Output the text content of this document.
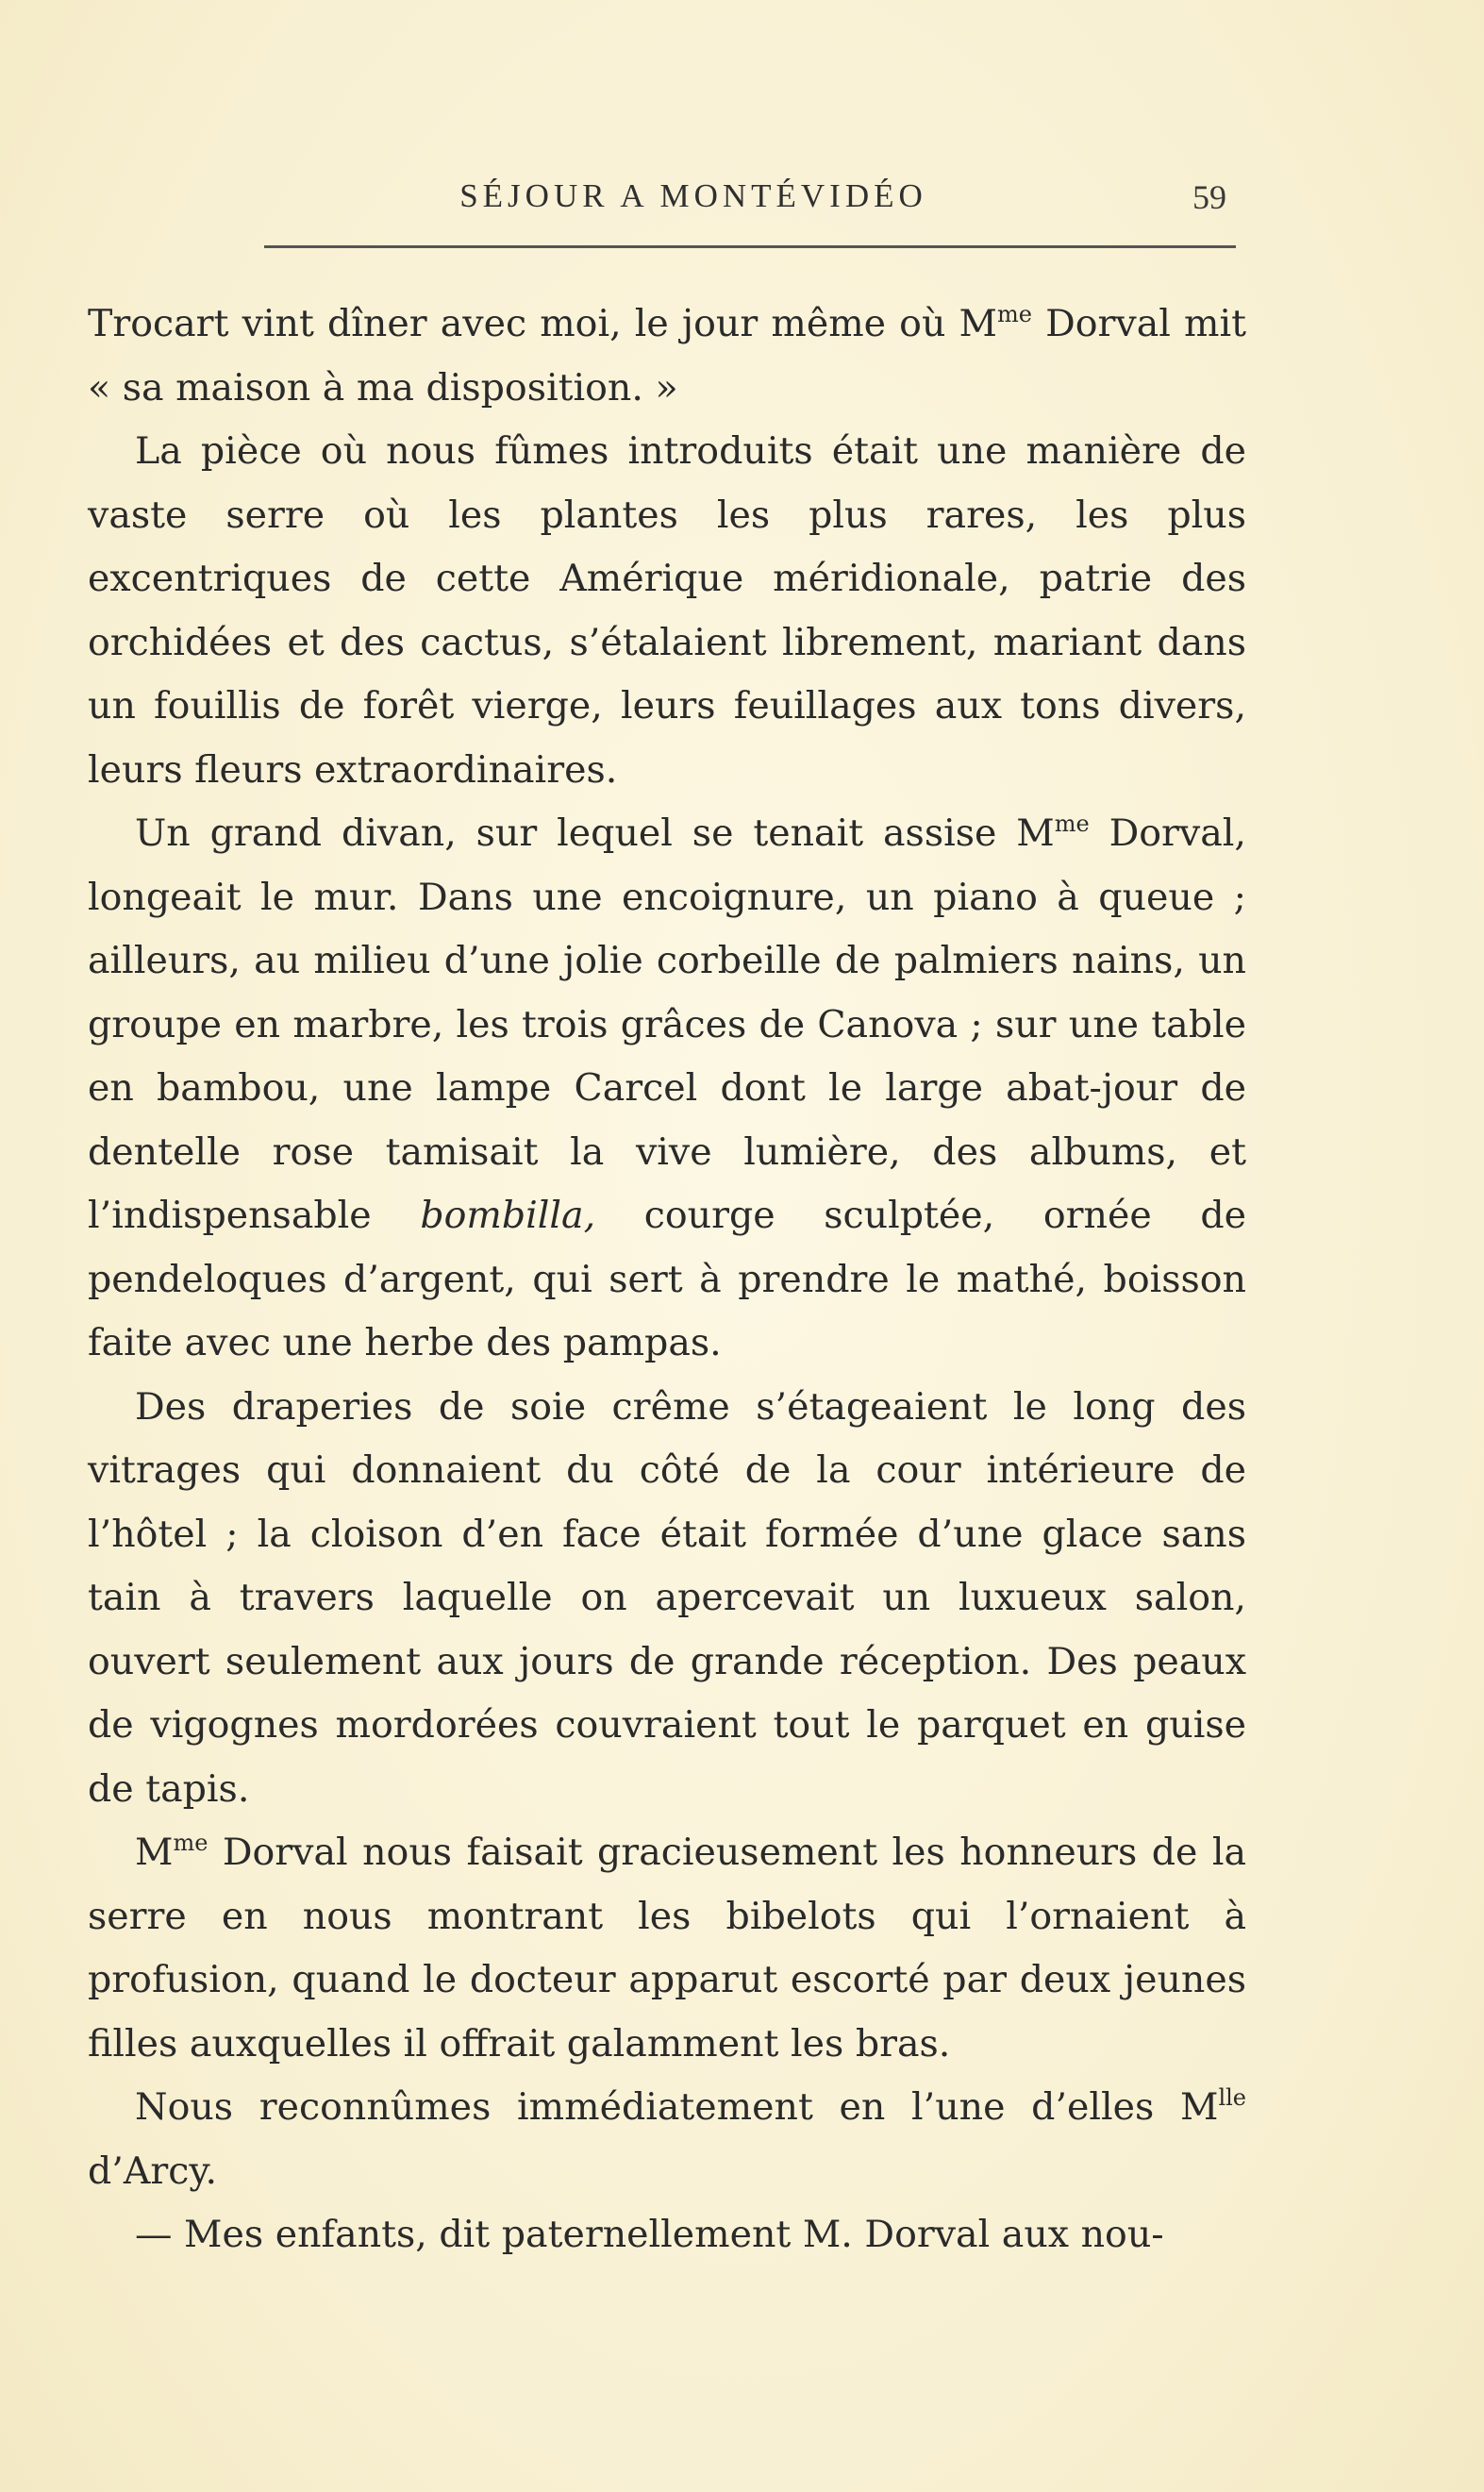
SÉJOUR A MONTÉVIDÉO	59

Trocart vint dîner avec moi, le jour même où $M^{me}$ Dorval mit « sa maison à ma disposition. »

La pièce où nous fûmes introduits était une manière de vaste serre où les plantes les plus rares, les plus excentriques de cette Amérique méridionale, patrie des orchidées et des cactus, s’étalaient librement, mariant dans un fouillis de forêt vierge, leurs feuillages aux tons divers, leurs fleurs extraordinaires.

Un grand divan, sur lequel se tenait assise $M^{me}$ Dorval, longeait le mur. Dans une encoignure, un piano à queue ; ailleurs, au milieu d’une jolie corbeille de palmiers nains, un groupe en marbre, les trois grâces de Canova ; sur une table en bambou, une lampe Carcel dont le large abat-jour de dentelle rose tamisait la vive lumière, des albums, et l’indispensable bombilla, courge sculptée, ornée de pendeloques d’argent, qui sert à prendre le mathé, boisson faite avec une herbe des pampas.

Des draperies de soie crême s’étageaient le long des vitrages qui donnaient du côté de la cour intérieure de l’hôtel ; la cloison d’en face était formée d’une glace sans tain à travers laquelle on apercevait un luxueux salon, ouvert seulement aux jours de grande réception. Des peaux de vigognes mordorées couvraient tout le parquet en guise de tapis.

$M^{me}$ Dorval nous faisait gracieusement les honneurs de la serre en nous montrant les bibelots qui l’ornaient à profusion, quand le docteur apparut escorté par deux jeunes filles auxquelles il offrait galamment les bras.

Nous reconnûmes immédiatement en l’une d’elles $M^{lle}$ d’Arcy.

— Mes enfants, dit paternellement M. Dorval aux nou-
